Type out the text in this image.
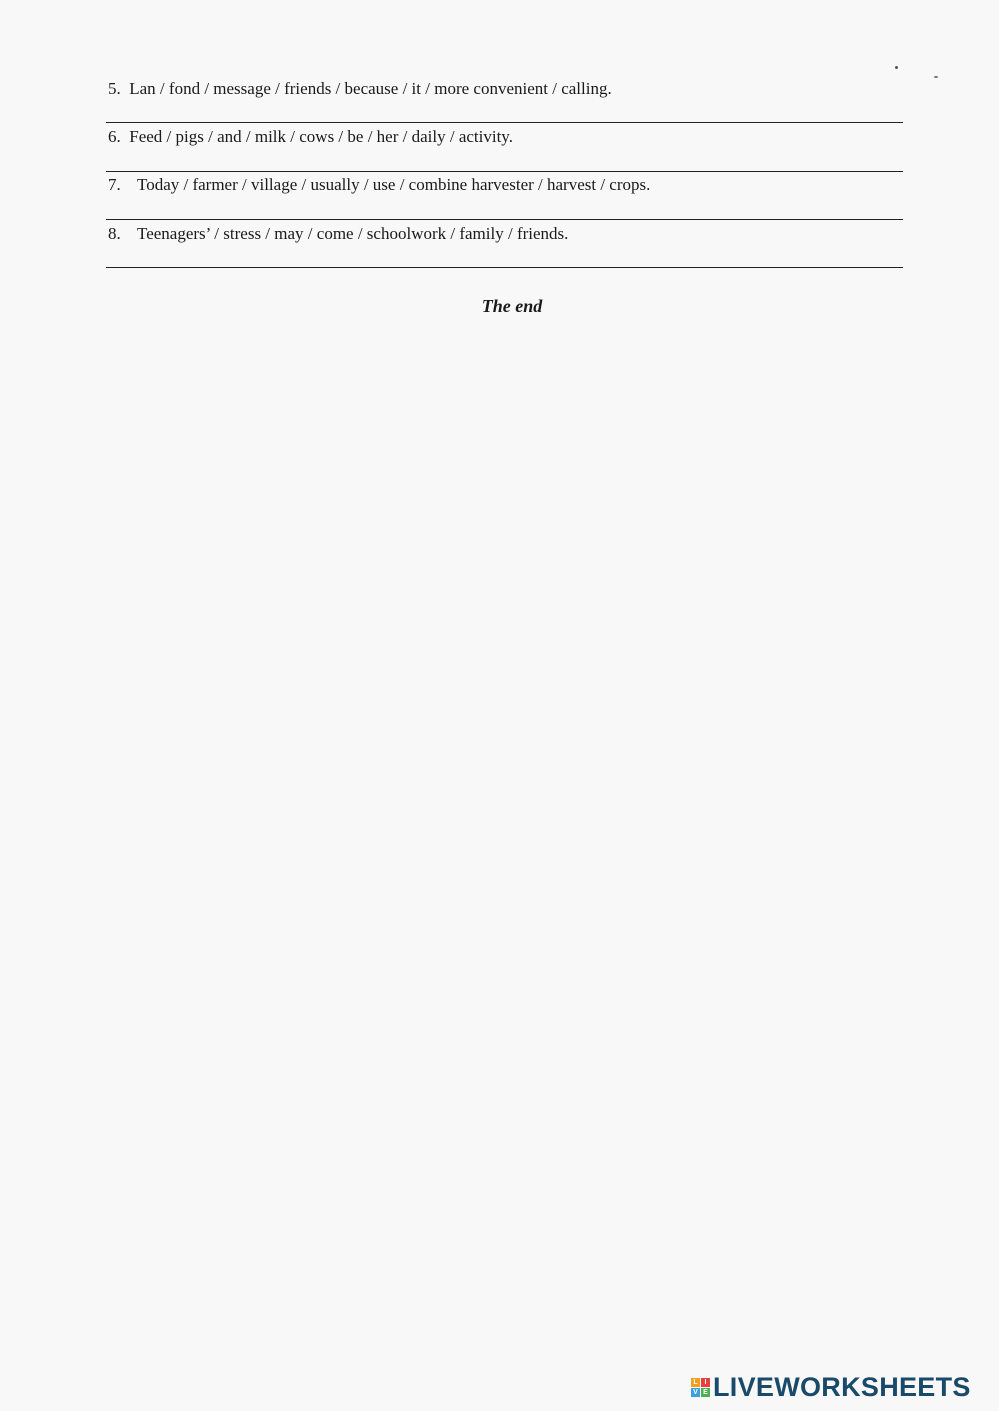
5.  Lan / fond / message / friends / because / it / more convenient / calling.
6.  Feed / pigs / and / milk / cows / be / her / daily / activity.
7. Today / farmer / village / usually / use / combine harvester / harvest / crops.
8. Teenagers’ / stress / may / come / schoolwork / family / friends.
The end
L I
V E LIVEWORKSHEETS
